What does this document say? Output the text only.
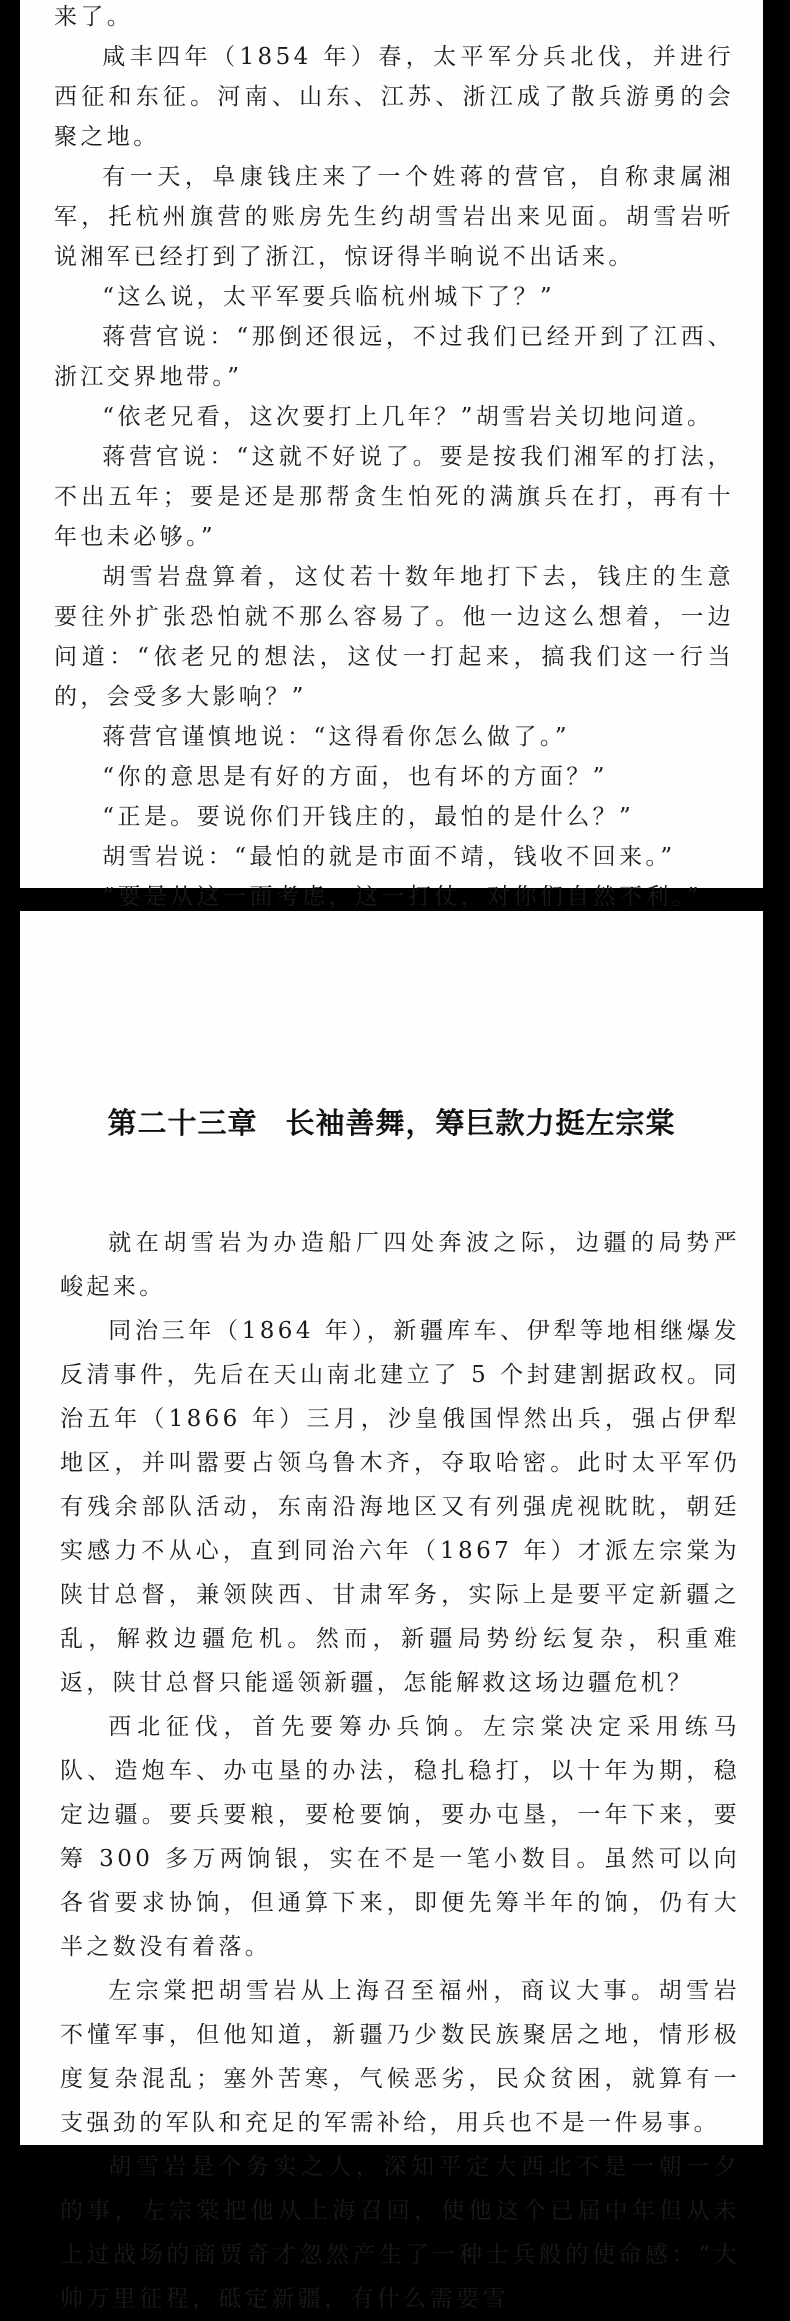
来了。

咸丰四年（1854 年）春，太平军分兵北伐，并进行西征和东征。河南、山东、江苏、浙江成了散兵游勇的会聚之地。

有一天，阜康钱庄来了一个姓蒋的营官，自称隶属湘军，托杭州旗营的账房先生约胡雪岩出来见面。胡雪岩听说湘军已经打到了浙江，惊讶得半晌说不出话来。

“这么说，太平军要兵临杭州城下了？”

蒋营官说：“那倒还很远，不过我们已经开到了江西、浙江交界地带。”

“依老兄看，这次要打上几年？”胡雪岩关切地问道。

蒋营官说：“这就不好说了。要是按我们湘军的打法，不出五年；要是还是那帮贪生怕死的满旗兵在打，再有十年也未必够。”

胡雪岩盘算着，这仗若十数年地打下去，钱庄的生意要往外扩张恐怕就不那么容易了。他一边这么想着，一边问道：“依老兄的想法，这仗一打起来，搞我们这一行当的，会受多大影响？”

蒋营官谨慎地说：“这得看你怎么做了。”

“你的意思是有好的方面，也有坏的方面？”

“正是。要说你们开钱庄的，最怕的是什么？”

胡雪岩说：“最怕的就是市面不靖，钱收不回来。”

“要是从这一面考虑，这一打仗，对你们自然不利。”

第二十三章 长袖善舞，筹巨款力挺左宗棠

就在胡雪岩为办造船厂四处奔波之际，边疆的局势严峻起来。

同治三年（1864 年），新疆库车、伊犁等地相继爆发反清事件，先后在天山南北建立了 5 个封建割据政权。同治五年（1866 年）三月，沙皇俄国悍然出兵，强占伊犁地区，并叫嚣要占领乌鲁木齐，夺取哈密。此时太平军仍有残余部队活动，东南沿海地区又有列强虎视眈眈，朝廷实感力不从心，直到同治六年（1867 年）才派左宗棠为陕甘总督，兼领陕西、甘肃军务，实际上是要平定新疆之乱，解救边疆危机。然而，新疆局势纷纭复杂，积重难返，陕甘总督只能遥领新疆，怎能解救这场边疆危机？

西北征伐，首先要筹办兵饷。左宗棠决定采用练马队、造炮车、办屯垦的办法，稳扎稳打，以十年为期，稳定边疆。要兵要粮，要枪要饷，要办屯垦，一年下来，要筹 300 多万两饷银，实在不是一笔小数目。虽然可以向各省要求协饷，但通算下来，即便先筹半年的饷，仍有大半之数没有着落。

左宗棠把胡雪岩从上海召至福州，商议大事。胡雪岩不懂军事，但他知道，新疆乃少数民族聚居之地，情形极度复杂混乱；塞外苦寒，气候恶劣，民众贫困，就算有一支强劲的军队和充足的军需补给，用兵也不是一件易事。

胡雪岩是个务实之人，深知平定大西北不是一朝一夕的事，左宗棠把他从上海召回，使他这个已届中年但从未上过战场的商贾奇才忽然产生了一种士兵般的使命感：“大帅万里征程，砥定新疆，有什么需要雪
